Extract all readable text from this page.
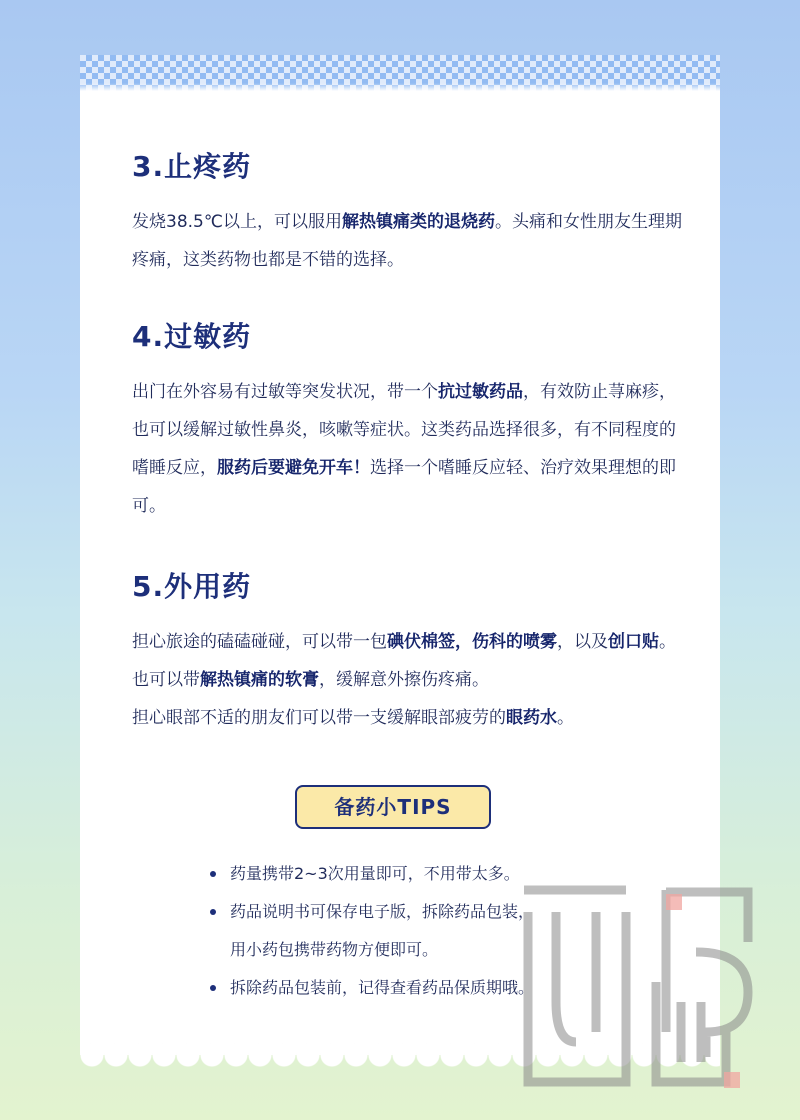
3.止疼药

发烧38.5℃以上，可以服用解热镇痛类的退烧药。头痛和女性朋友生理期疼痛，这类药物也都是不错的选择。

4.过敏药

出门在外容易有过敏等突发状况，带一个抗过敏药品，有效防止荨麻疹，也可以缓解过敏性鼻炎，咳嗽等症状。这类药品选择很多，有不同程度的嗜睡反应，服药后要避免开车！选择一个嗜睡反应轻、治疗效果理想的即可。

5.外用药

担心旅途的磕磕碰碰，可以带一包碘伏棉签，伤科的喷雾，以及创口贴。也可以带解热镇痛的软膏，缓解意外擦伤疼痛。
担心眼部不适的朋友们可以带一支缓解眼部疲劳的眼药水。

备药小TIPS
药量携带2~3次用量即可，不用带太多。
药品说明书可保存电子版，拆除药品包装，
用小药包携带药物方便即可。
拆除药品包装前，记得查看药品保质期哦。
